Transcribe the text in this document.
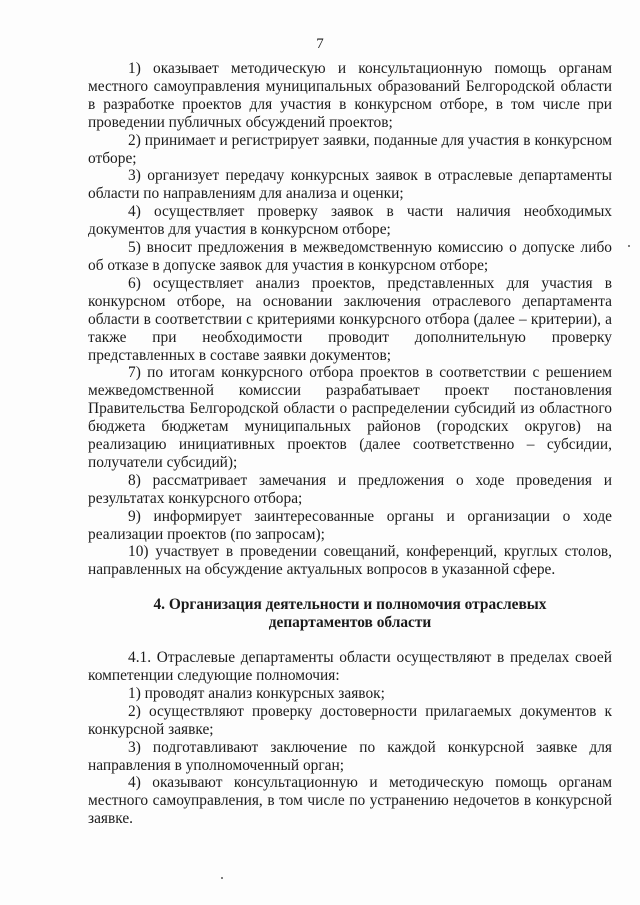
7

1) оказывает методическую и консультационную помощь органам местного самоуправления муниципальных образований Белгородской области в разработке проектов для участия в конкурсном отборе, в том числе при проведении публичных обсуждений проектов;

2) принимает и регистрирует заявки, поданные для участия в конкурсном отборе;

3) организует передачу конкурсных заявок в отраслевые департаменты области по направлениям для анализа и оценки;

4) осуществляет проверку заявок в части наличия необходимых документов для участия в конкурсном отборе;

5) вносит предложения в межведомственную комиссию о допуске либо об отказе в допуске заявок для участия в конкурсном отборе;

6) осуществляет анализ проектов, представленных для участия в конкурсном отборе, на основании заключения отраслевого департамента области в соответствии с критериями конкурсного отбора (далее – критерии), а также при необходимости проводит дополнительную проверку представленных в составе заявки документов;

7) по итогам конкурсного отбора проектов в соответствии с решением межведомственной комиссии разрабатывает проект постановления Правительства Белгородской области о распределении субсидий из областного бюджета бюджетам муниципальных районов (городских округов) на реализацию инициативных проектов (далее соответственно – субсидии, получатели субсидий);

8) рассматривает замечания и предложения о ходе проведения и результатах конкурсного отбора;

9) информирует заинтересованные органы и организации о ходе реализации проектов (по запросам);

10) участвует в проведении совещаний, конференций, круглых столов, направленных на обсуждение актуальных вопросов в указанной сфере.

4. Организация деятельности и полномочия отраслевых
департаментов области

4.1. Отраслевые департаменты области осуществляют в пределах своей компетенции следующие полномочия:

1) проводят анализ конкурсных заявок;

2) осуществляют проверку достоверности прилагаемых документов к конкурсной заявке;

3) подготавливают заключение по каждой конкурсной заявке для направления в уполномоченный орган;

4) оказывают консультационную и методическую помощь органам местного самоуправления, в том числе по устранению недочетов в конкурсной заявке.
